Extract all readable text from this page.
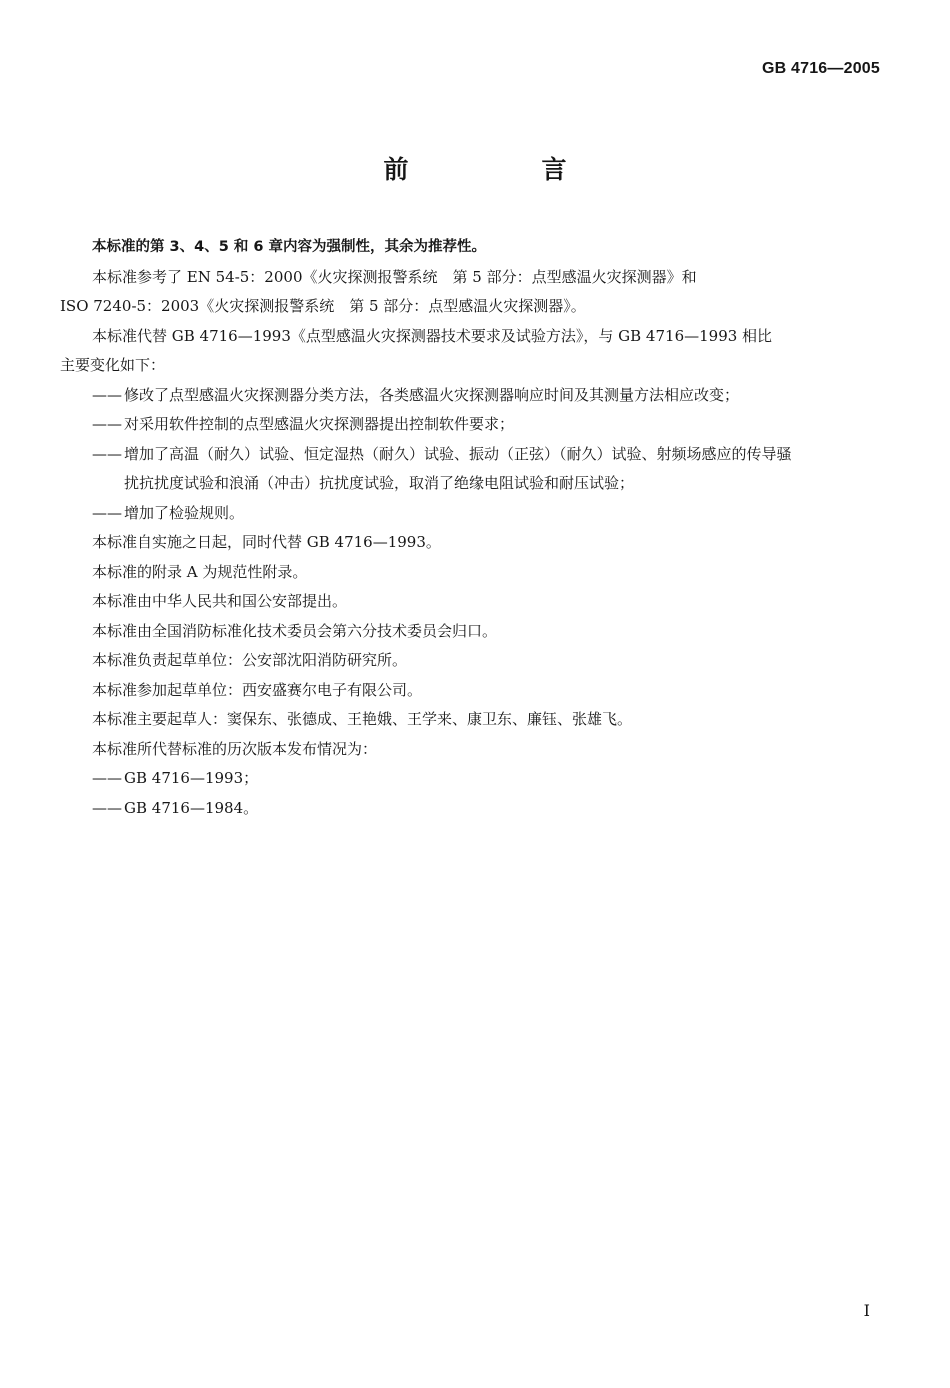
GB 4716—2005
前　言

本标准的第 3、4、5 和 6 章内容为强制性，其余为推荐性。

本标准参考了 EN 54-5：2000《火灾探测报警系统　第 5 部分：点型感温火灾探测器》和

ISO 7240-5：2003《火灾探测报警系统　第 5 部分：点型感温火灾探测器》。

本标准代替 GB 4716—1993《点型感温火灾探测器技术要求及试验方法》，与 GB 4716—1993 相比

主要变化如下：

—— 修改了点型感温火灾探测器分类方法，各类感温火灾探测器响应时间及其测量方法相应改变；

—— 对采用软件控制的点型感温火灾探测器提出控制软件要求；

—— 增加了高温（耐久）试验、恒定湿热（耐久）试验、振动（正弦）（耐久）试验、射频场感应的传导骚
扰抗扰度试验和浪涌（冲击）抗扰度试验，取消了绝缘电阻试验和耐压试验；

—— 增加了检验规则。

本标准自实施之日起，同时代替 GB 4716—1993。

本标准的附录 A 为规范性附录。

本标准由中华人民共和国公安部提出。

本标准由全国消防标准化技术委员会第六分技术委员会归口。

本标准负责起草单位：公安部沈阳消防研究所。

本标准参加起草单位：西安盛赛尔电子有限公司。

本标准主要起草人：窦保东、张德成、王艳娥、王学来、康卫东、廉钰、张雄飞。

本标准所代替标准的历次版本发布情况为：

—— GB 4716—1993；

—— GB 4716—1984。

I
